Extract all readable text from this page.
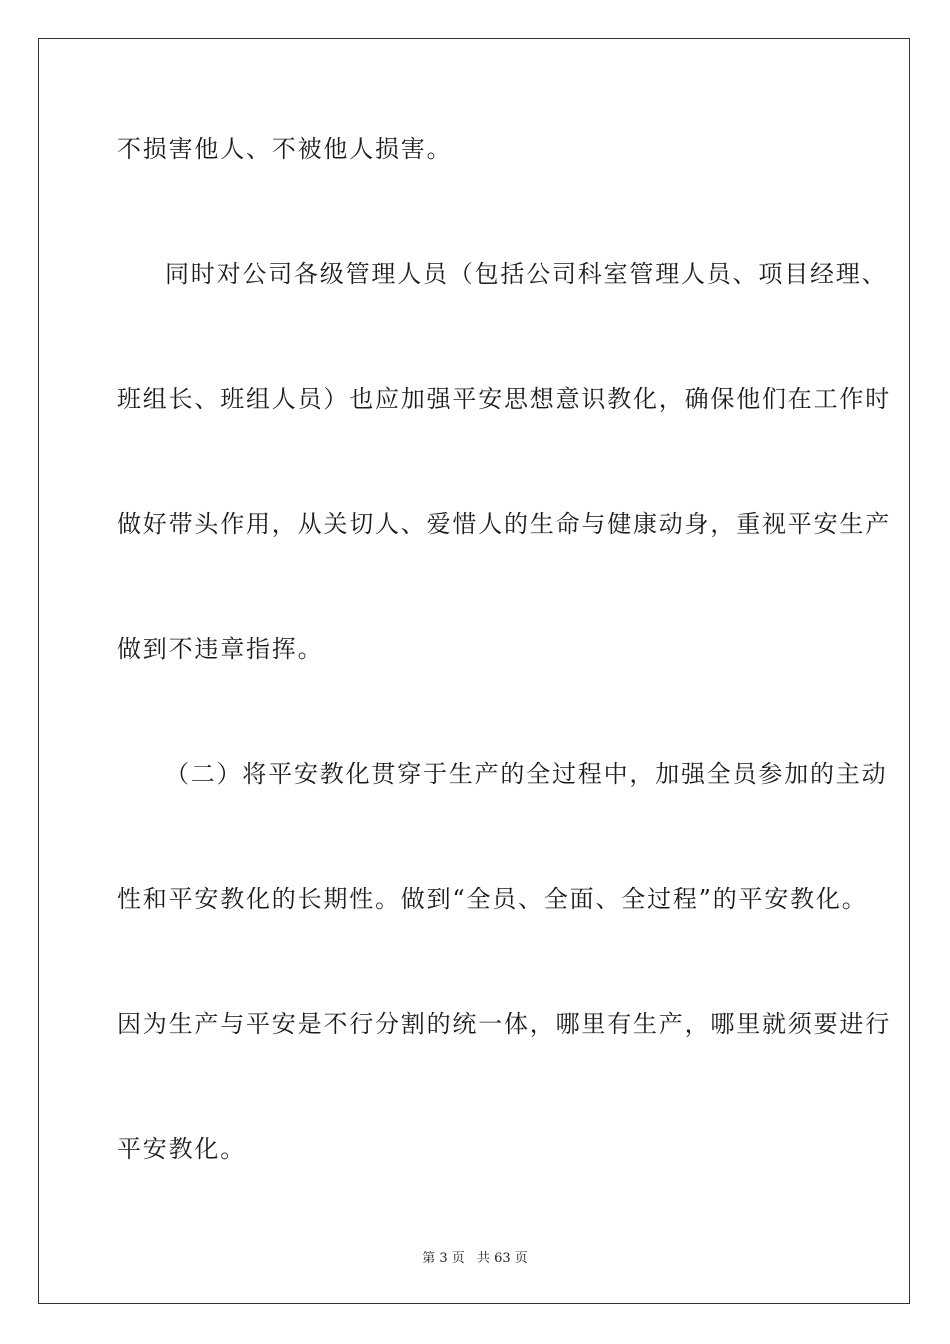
不损害他人、不被他人损害。
同时对公司各级管理人员（包括公司科室管理人员、项目经理、
班组长、班组人员）也应加强平安思想意识教化，确保他们在工作时
做好带头作用，从关切人、爱惜人的生命与健康动身，重视平安生产
做到不违章指挥。
（二）将平安教化贯穿于生产的全过程中，加强全员参加的主动
性和平安教化的长期性。做到“全员、全面、全过程”的平安教化。
因为生产与平安是不行分割的统一体，哪里有生产，哪里就须要进行
平安教化。
第 3 页 共 63 页
